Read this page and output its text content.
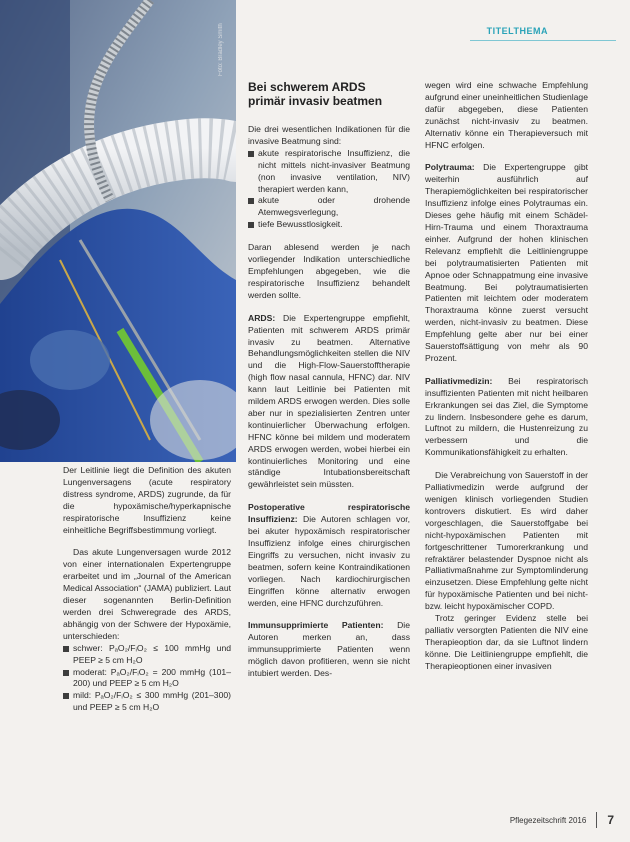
Foto: Bradley Smith	TITELTHEMA

Der Leitlinie liegt die Definition des akuten Lungenversagens (acute respiratory distress syndrome, ARDS) zugrunde, da für die hypoxämische/hyperkapnische respiratorische Insuffizienz keine einheitliche Begriffsbestimmung vorliegt.

Das akute Lungenversagen wurde 2012 von einer internationalen Expertengruppe erarbeitet und im „Journal of the American Medical Association“ (JAMA) publiziert. Laut dieser sogenannten Berlin-Definition werden drei Schweregrade des ARDS, abhängig von der Schwere der Hypoxämie, unterschieden:

schwer: PₐO₂/FᵢO₂ ≤ 100 mmHg und PEEP ≥ 5 cm H₂O
moderat: PₐO₂/FᵢO₂ = 200 mmHg (101–200) und PEEP ≥ 5 cm H₂O
mild: PₐO₂/FᵢO₂ ≤ 300 mmHg (201–300) und PEEP ≥ 5 cm H₂O
Bei schwerem ARDS
primär invasiv beatmen

Die drei wesentlichen Indikationen für die invasive Beatmung sind:

akute respiratorische Insuffizienz, die nicht mittels nicht-invasiver Beatmung (non invasive ventilation, NIV) therapiert werden kann,
akute oder drohende Atemwegsverlegung,
tiefe Bewusstlosigkeit.

Daran ablesend werden je nach vorliegender Indikation unterschiedliche Empfehlungen abgegeben, wie die respiratorische Insuffizienz behandelt werden sollte.

ARDS: Die Expertengruppe empfiehlt, Patienten mit schwerem ARDS primär invasiv zu beatmen. Alternative Behandlungsmöglichkeiten stellen die NIV und die High-Flow-Sauerstofftherapie (high flow nasal cannula, HFNC) dar. NIV kann laut Leitlinie bei Patienten mit mildem ARDS erwogen werden. Dies solle aber nur in spezialisierten Zentren unter kontinuierlicher Überwachung erfolgen. HFNC könne bei mildem und moderatem ARDS erwogen werden, wobei hierbei ein kontinuierliches Monitoring und eine ständige Intubationsbereitschaft gewährleistet sein müssten.

Postoperative respiratorische Insuffizienz: Die Autoren schlagen vor, bei akuter hypoxämisch respiratorischer Insuffizienz infolge eines chirurgischen Eingriffs zu versuchen, nicht invasiv zu beatmen, sofern keine Kontraindikationen vorliegen. Nach kardiochirurgischen Eingriffen könne alternativ erwogen werden, eine HFNC durchzuführen.

Immunsupprimierte Patienten: Die Autoren merken an, dass immunsupprimierte Patienten wenn möglich davon profitieren, wenn sie nicht intubiert werden. Des-

wegen wird eine schwache Empfehlung aufgrund einer uneinheitlichen Studienlage dafür abgegeben, diese Patienten zunächst nicht-invasiv zu beatmen. Alternativ könne ein Therapieversuch mit HFNC erfolgen.

Polytrauma: Die Expertengruppe gibt weiterhin ausführlich auf Therapiemöglichkeiten bei respiratorischer Insuffizienz infolge eines Polytraumas ein. Dieses gehe häufig mit einem Schädel-Hirn-Trauma und einem Thoraxtrauma einher. Aufgrund der hohen klinischen Relevanz empfiehlt die Leitliniengruppe bei polytraumatisierten Patienten mit Apnoe oder Schnappatmung eine invasive Beatmung. Bei polytraumatisierten Patienten mit leichtem oder moderatem Thoraxtrauma könne zuerst versucht werden, nicht-invasiv zu beatmen. Diese Empfehlung gelte aber nur bei einer Sauerstoffsättigung von mehr als 90 Prozent.

Palliativmedizin: Bei respiratorisch insuffizienten Patienten mit nicht heilbaren Erkrankungen sei das Ziel, die Symptome zu lindern. Insbesondere gehe es darum, Luftnot zu mildern, die Hustenreizung zu verbessern und die Kommunikationsfähigkeit zu erhalten.

Die Verabreichung von Sauerstoff in der Palliativmedizin werde aufgrund der wenigen klinisch vorliegenden Studien kontrovers diskutiert. Es wird daher vorgeschlagen, die Sauerstoffgabe bei nicht-hypoxämischen Patienten mit fortgeschrittener Tumorerkrankung und refraktärer belastender Dyspnoe nicht als Palliativmaßnahme zur Symptomlinderung einzusetzen. Diese Empfehlung gelte nicht für hypoxämische Patienten und bei nicht- bzw. leicht hypoxämischer COPD.

Trotz geringer Evidenz stelle bei palliativ versorgten Patienten die NIV eine Therapieoption dar, da sie Luftnot lindern könne. Die Leitliniengruppe empfiehlt, die Therapieoptionen einer invasiven

Pflegezeitschrift 2016 7
